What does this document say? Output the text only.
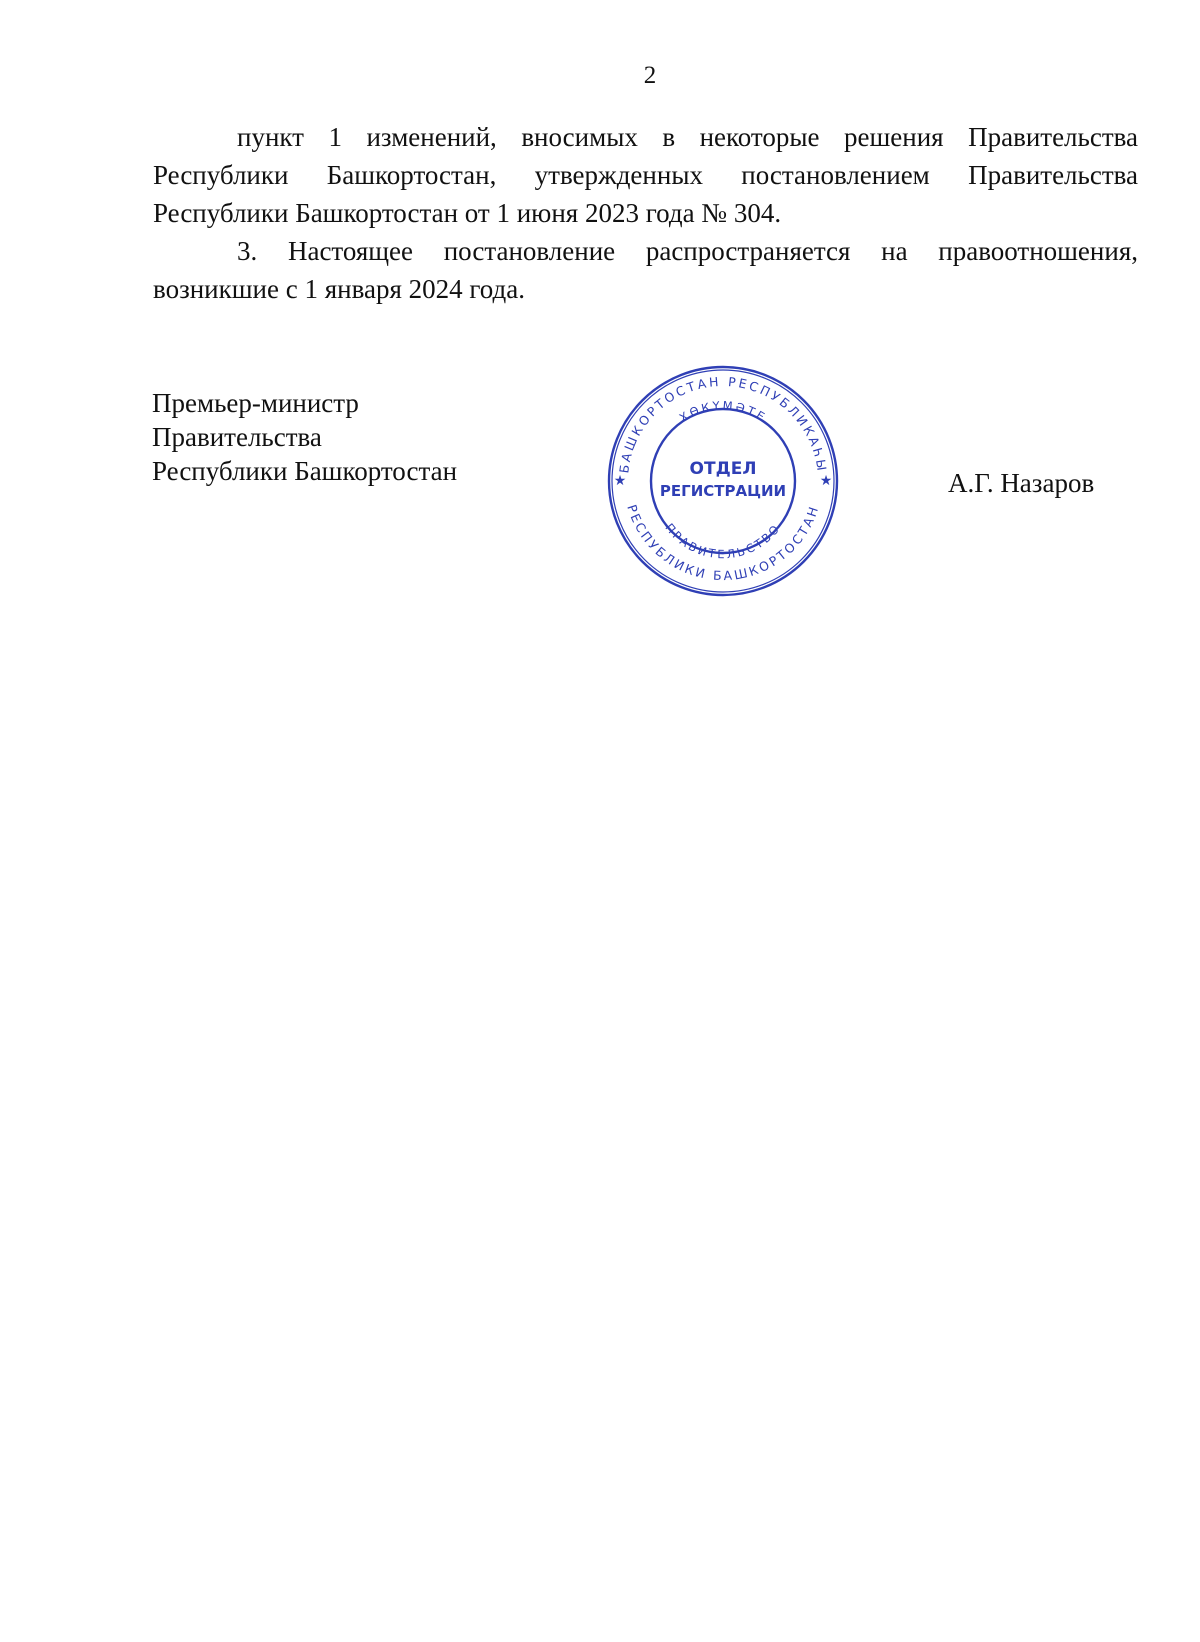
2

пункт 1 изменений, вносимых в некоторые решения Правительства Республики Башкортостан, утвержденных постановлением Правительства Республики Башкортостан от 1 июня 2023 года № 304.

3. Настоящее постановление распространяется на правоотношения, возникшие с 1 января 2024 года.

Премьер-министр
Правительства
Республики Башкортостан	А.Г. Назаров
БАШКОРТОСТАН РЕСПУБЛИКАҺЫ
РЕСПУБЛИКИ БАШКОРТОСТАН
ХӨКҮМӘТЕ
ПРАВИТЕЛЬСТВО
★	★
ОТДЕЛ
РЕГИСТРАЦИИ
